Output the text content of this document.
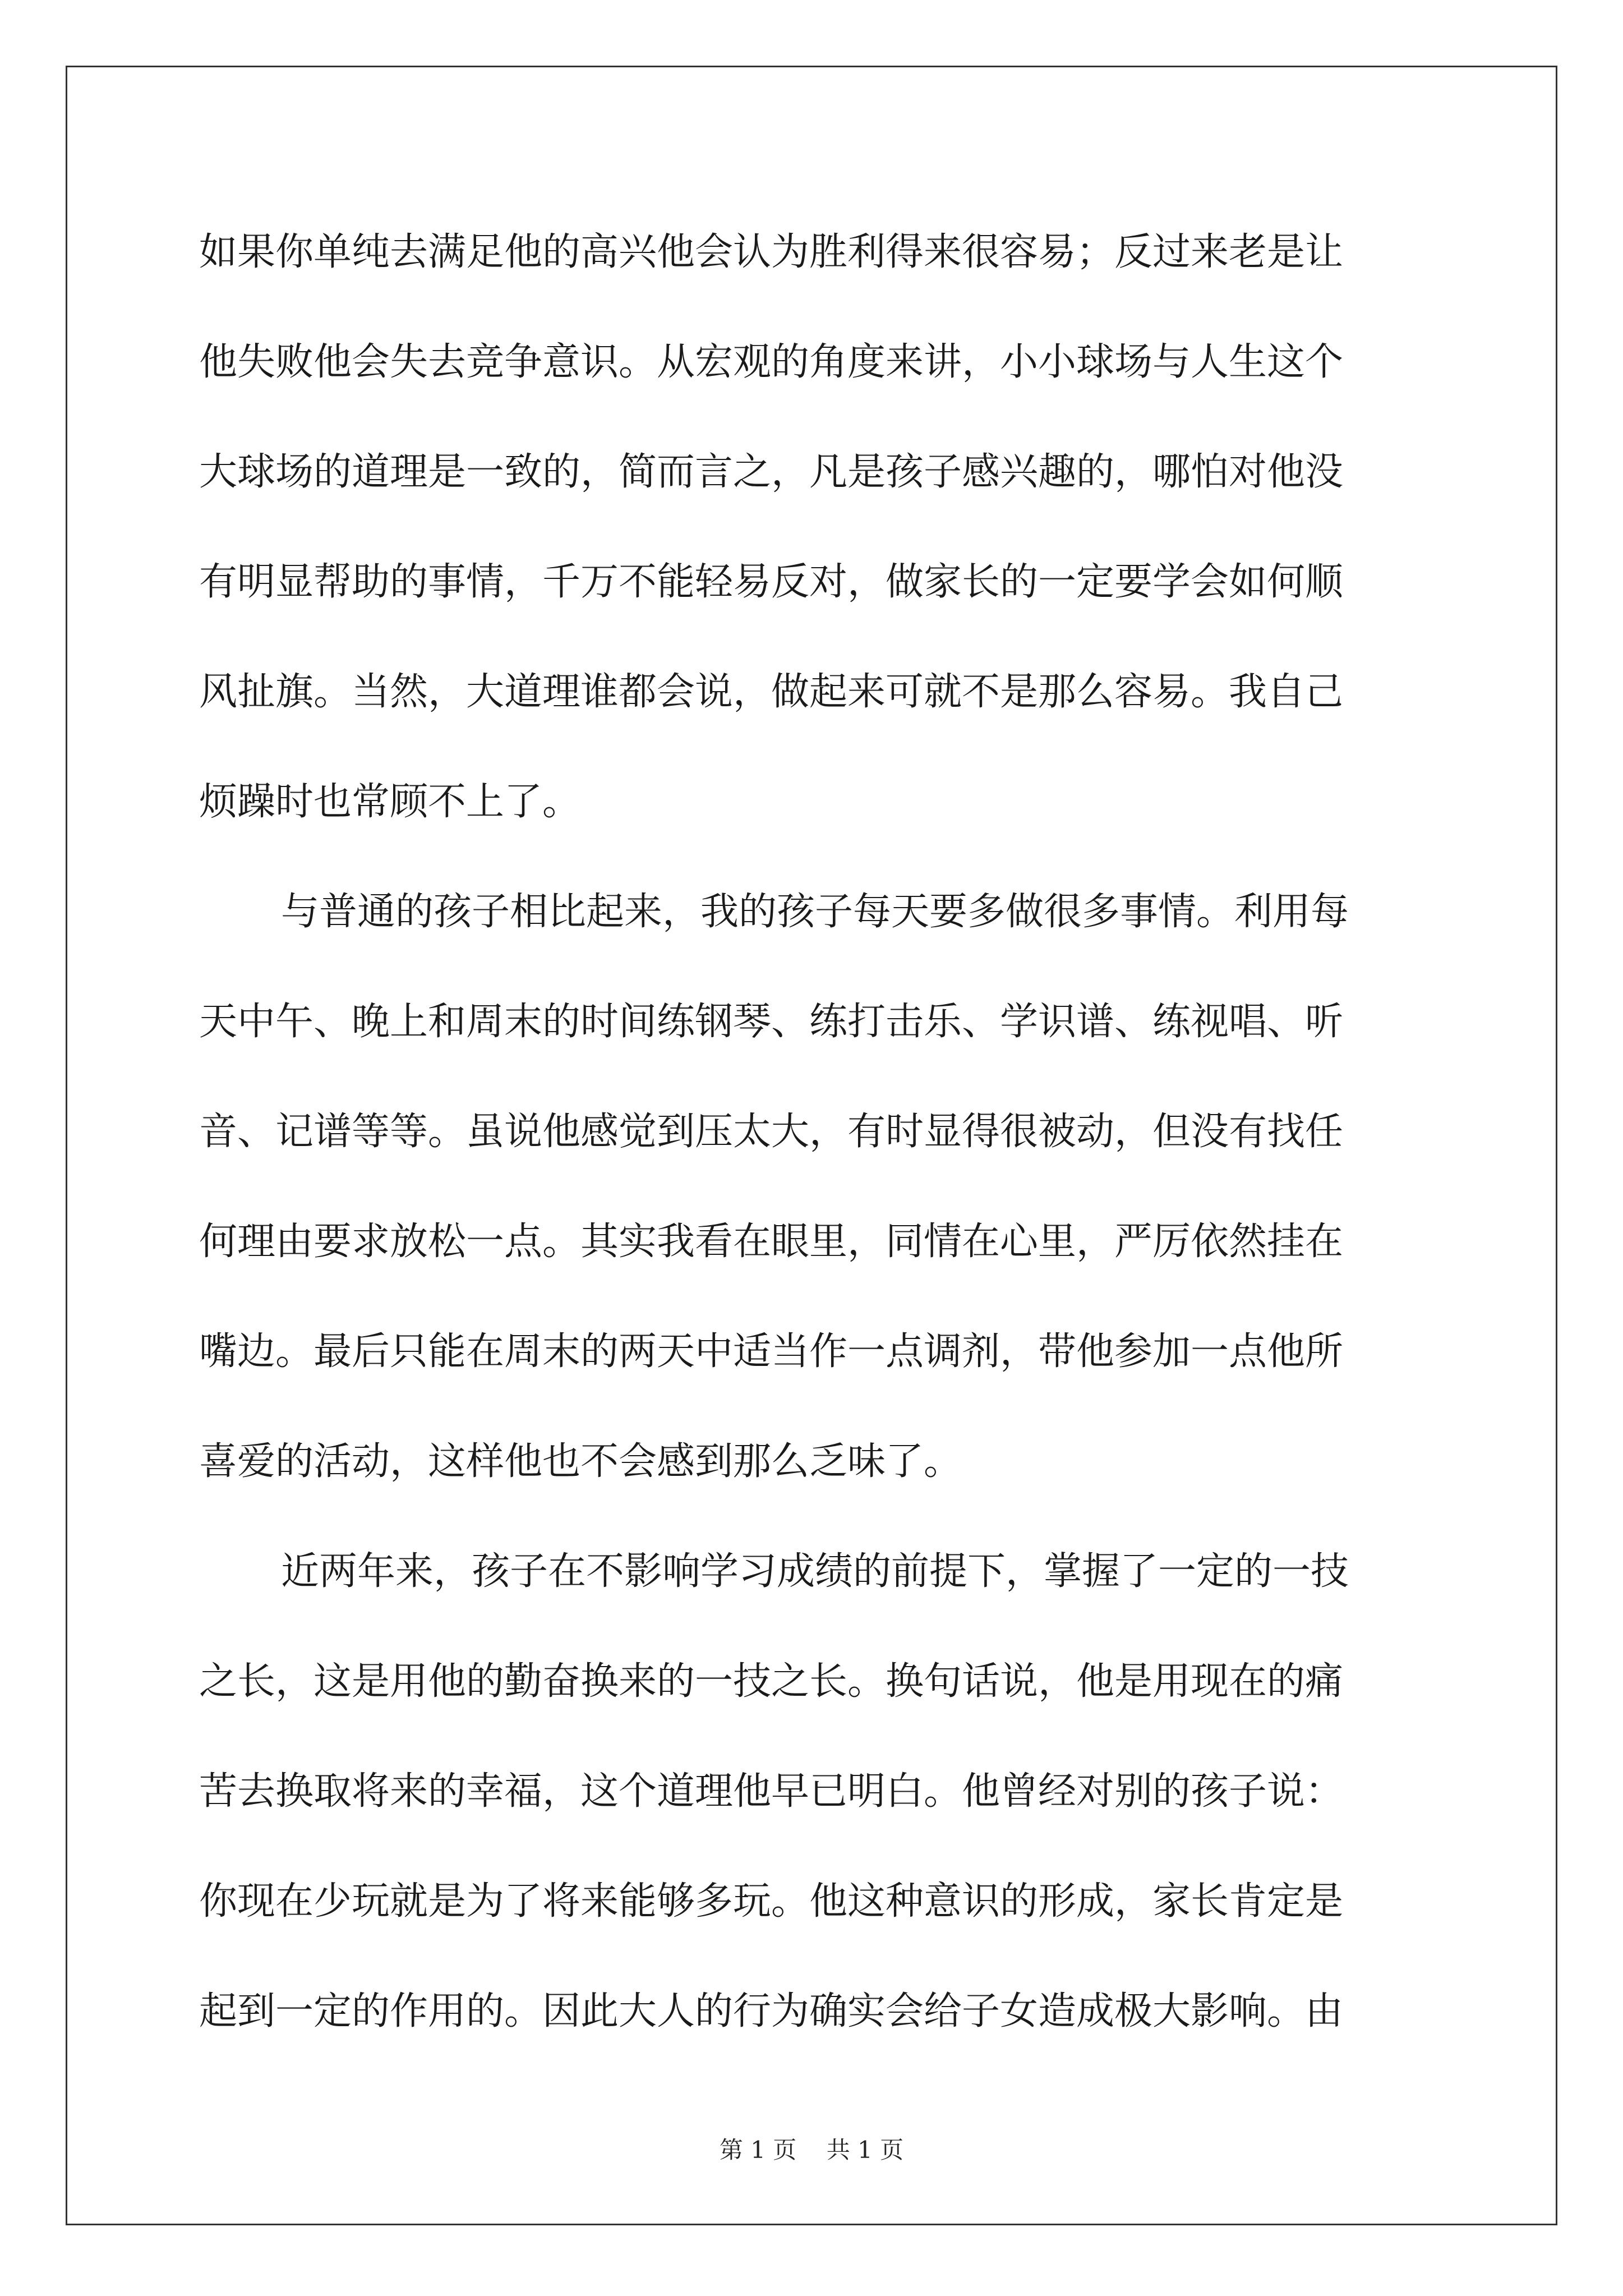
如果你单纯去满足他的高兴他会认为胜利得来很容易；反过来老是让
他失败他会失去竞争意识。从宏观的角度来讲，小小球场与人生这个
大球场的道理是一致的，简而言之，凡是孩子感兴趣的，哪怕对他没
有明显帮助的事情，千万不能轻易反对，做家长的一定要学会如何顺
风扯旗。当然，大道理谁都会说，做起来可就不是那么容易。我自己
烦躁时也常顾不上了。
与普通的孩子相比起来，我的孩子每天要多做很多事情。利用每
天中午、晚上和周末的时间练钢琴、练打击乐、学识谱、练视唱、听
音、记谱等等。虽说他感觉到压太大，有时显得很被动，但没有找任
何理由要求放松一点。其实我看在眼里，同情在心里，严厉依然挂在
嘴边。最后只能在周末的两天中适当作一点调剂，带他参加一点他所
喜爱的活动，这样他也不会感到那么乏味了。
近两年来，孩子在不影响学习成绩的前提下，掌握了一定的一技
之长，这是用他的勤奋换来的一技之长。换句话说，他是用现在的痛
苦去换取将来的幸福，这个道理他早已明白。他曾经对别的孩子说：
你现在少玩就是为了将来能够多玩。他这种意识的形成，家长肯定是
起到一定的作用的。因此大人的行为确实会给子女造成极大影响。由
第 1 页 共 1 页
